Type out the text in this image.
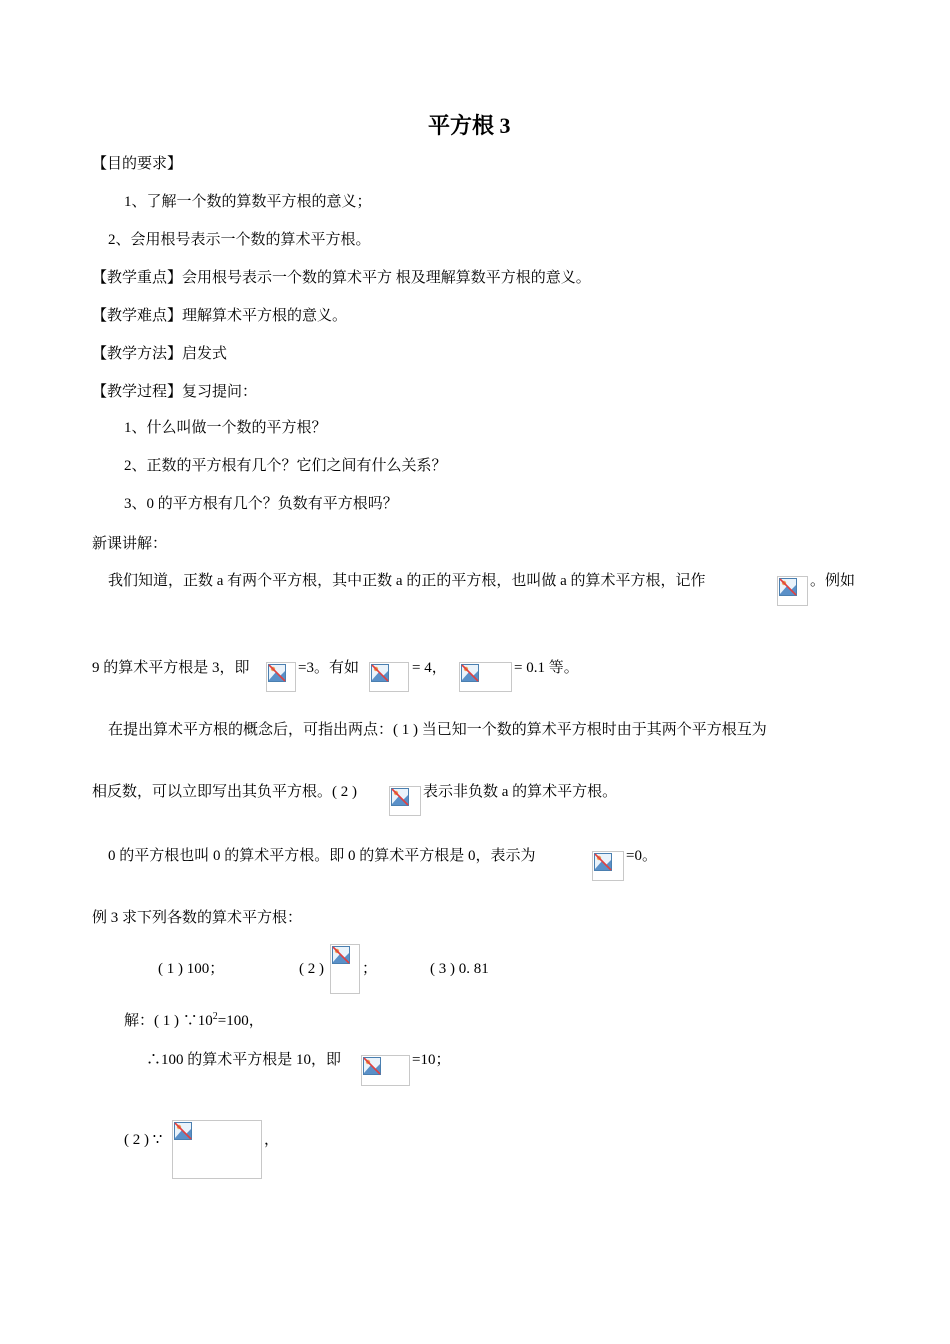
平方根 3
【目的要求】
1、了解一个数的算数平方根的意义；
2、会用根号表示一个数的算术平方根。
【教学重点】会用根号表示一个数的算术平方 根及理解算数平方根的意义。
【教学难点】理解算术平方根的意义。
【教学方法】启发式
【教学过程】复习提问：
1、什么叫做一个数的平方根？
2、正数的平方根有几个？它们之间有什么关系？
3、0 的平方根有几个？负数有平方根吗？
新课讲解：
我们知道，正数 a 有两个平方根，其中正数 a 的正的平方根，也叫做 a 的算术平方根，记作	。例如
9 的算术平方根是 3，即	=3。有如	= 4，	= 0.1 等。
在提出算术平方根的概念后，可指出两点：( 1 ) 当已知一个数的算术平方根时由于其两个平方根互为
相反数，可以立即写出其负平方根。( 2 )	表示非负数 a 的算术平方根。
0 的平方根也叫 0 的算术平方根。即 0 的算术平方根是 0，表示为	=0。
例 3 求下列各数的算术平方根：
( 1 ) 100；	( 2 )	；	( 3 ) 0. 81
解：( 1 ) $\because 10^2=100$，
∴100 的算术平方根是 10，即	=10；
( 2 ) ∵	，
